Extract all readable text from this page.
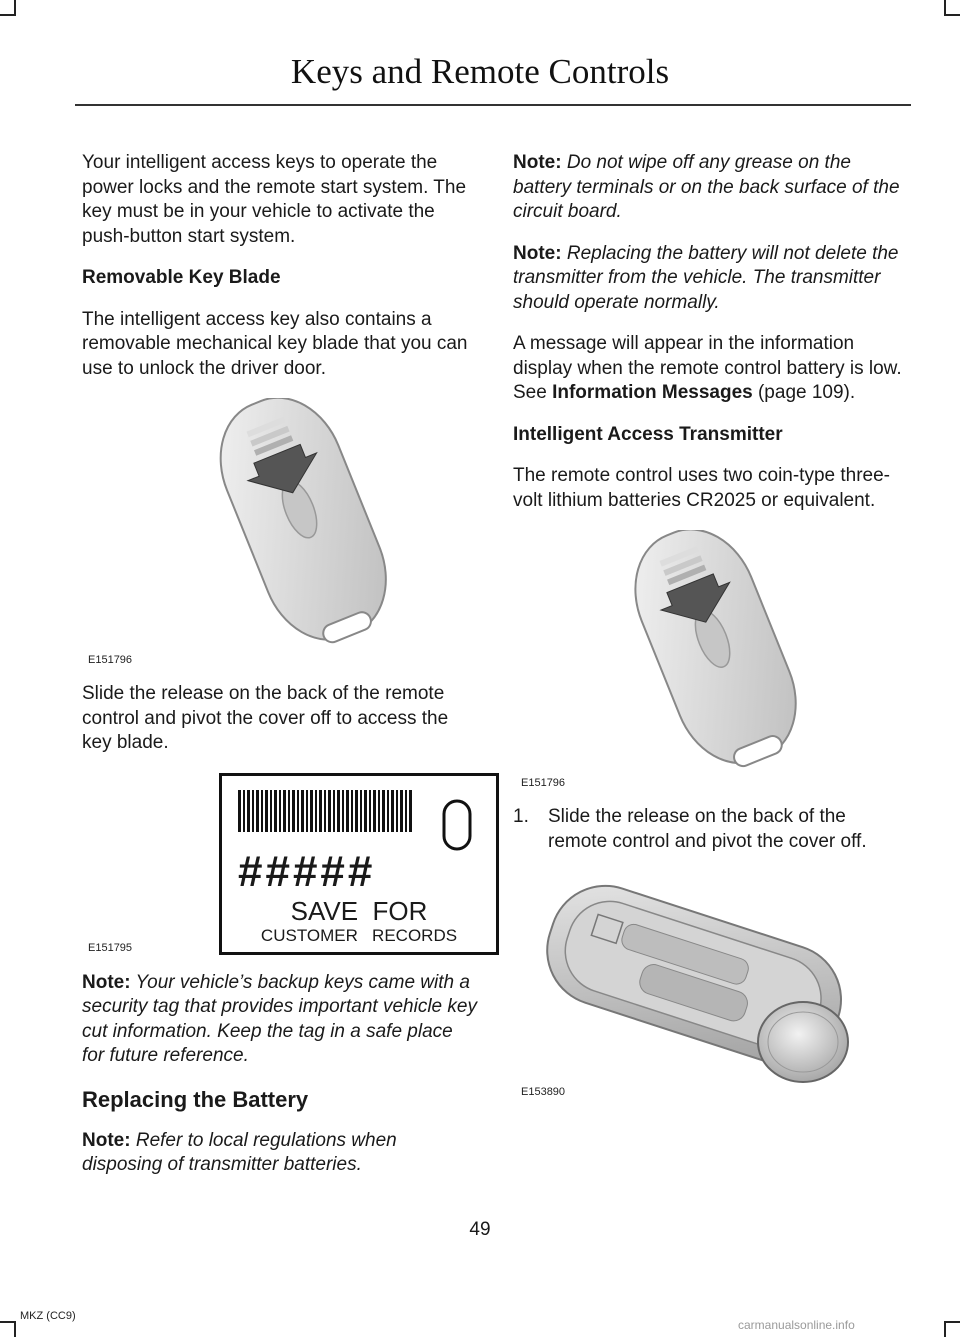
Keys and Remote Controls

Your intelligent access keys to operate the power locks and the remote start system. The key must be in your vehicle to activate the push-button start system.

Removable Key Blade

The intelligent access key also contains a removable mechanical key blade that you can use to unlock the driver door.

E151796

Slide the release on the back of the remote control and pivot the cover off to access the key blade.

#####
SAVE  FOR
CUSTOMER   RECORDS
E151795

Note: Your vehicle’s backup keys came with a security tag that provides important vehicle key cut information. Keep the tag in a safe place for future reference.

Replacing the Battery

Note: Refer to local regulations when disposing of transmitter batteries.

Note: Do not wipe off any grease on the battery terminals or on the back surface of the circuit board.

Note: Replacing the battery will not delete the transmitter from the vehicle. The transmitter should operate normally.

A message will appear in the information display when the remote control battery is low. See Information Messages (page 109).

Intelligent Access Transmitter

The remote control uses two coin-type three-volt lithium batteries CR2025 or equivalent.

E151796
1.	Slide the release on the back of the remote control and pivot the cover off.
E153890
49
MKZ (CC9)
carmanualsonline.info
